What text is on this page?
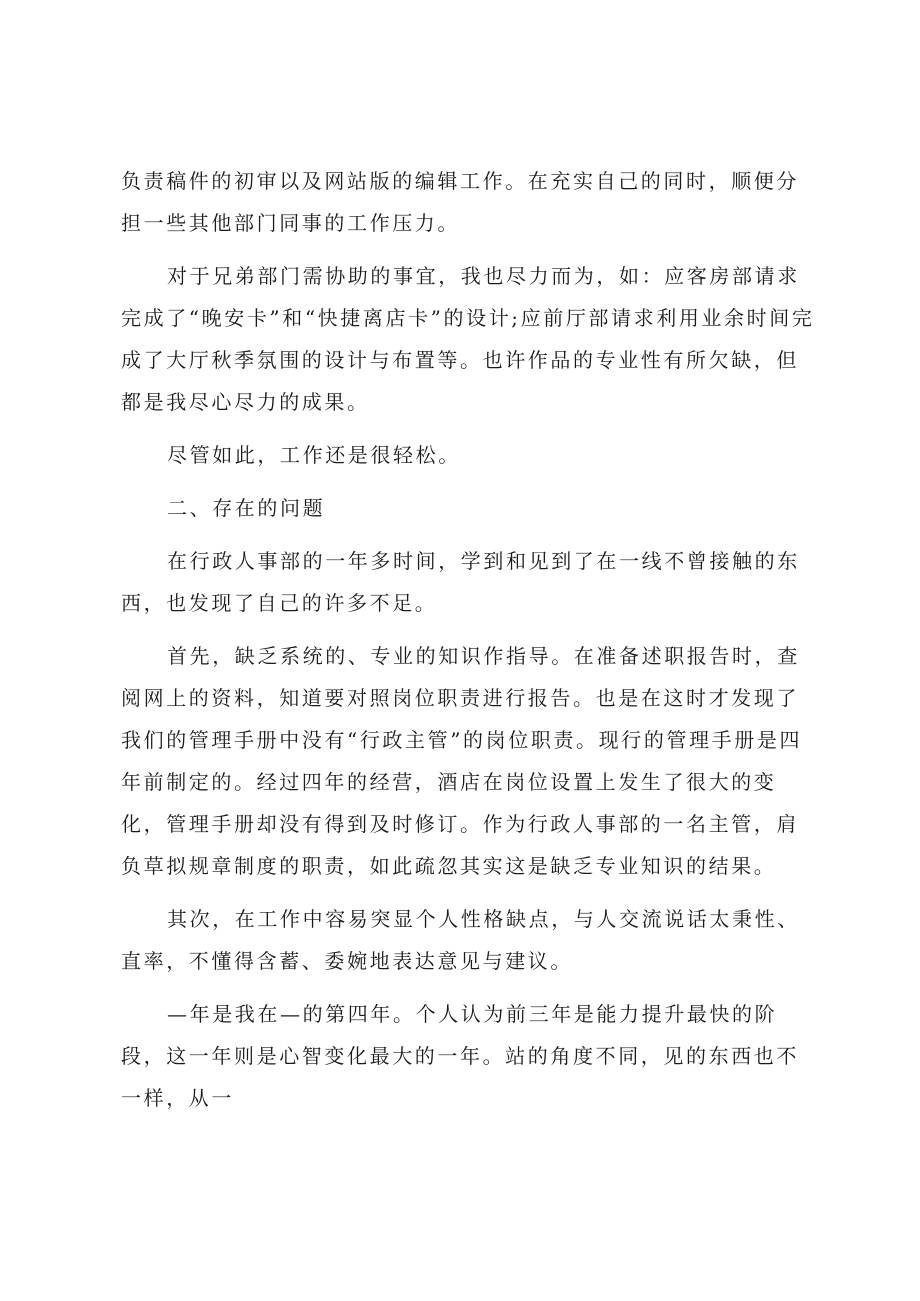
负责稿件的初审以及网站版的编辑工作。在充实自己的同时，顺便分担一些其他部门同事的工作压力。

对于兄弟部门需协助的事宜，我也尽力而为，如：应客房部请求完成了“晚安卡”和“快捷离店卡”的设计;应前厅部请求利用业余时间完成了大厅秋季氛围的设计与布置等。也许作品的专业性有所欠缺，但都是我尽心尽力的成果。

尽管如此，工作还是很轻松。

二、存在的问题

在行政人事部的一年多时间，学到和见到了在一线不曾接触的东西，也发现了自己的许多不足。

首先，缺乏系统的、专业的知识作指导。在准备述职报告时，查阅网上的资料，知道要对照岗位职责进行报告。也是在这时才发现了我们的管理手册中没有“行政主管”的岗位职责。现行的管理手册是四年前制定的。经过四年的经营，酒店在岗位设置上发生了很大的变化，管理手册却没有得到及时修订。作为行政人事部的一名主管，肩负草拟规章制度的职责，如此疏忽其实这是缺乏专业知识的结果。

其次，在工作中容易突显个人性格缺点，与人交流说话太秉性、直率，不懂得含蓄、委婉地表达意见与建议。

—年是我在—的第四年。个人认为前三年是能力提升最快的阶段，这一年则是心智变化最大的一年。站的角度不同，见的东西也不一样，从一
